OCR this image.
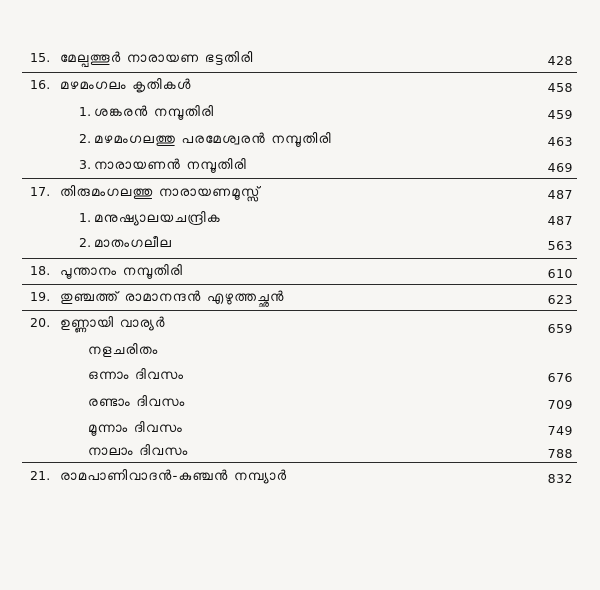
15. മേല്പത്തൂർ നാരായണ ഭട്ടതിരി	428
16. മഴമംഗലം കൃതികൾ	458
1. ശങ്കരൻ നമ്പൂതിരി	459
2. മഴമംഗലത്തു പരമേശ്വരൻ നമ്പൂതിരി	463
3. നാരായണൻ നമ്പൂതിരി	469
17. തിരുമംഗലത്തു നാരായണമൂസ്സ്	487
1. മനുഷ്യാലയചന്ദ്രിക	487
2. മാതംഗലീല	563
18. പൂന്താനം നമ്പൂതിരി	610
19. തുഞ്ചത്ത് രാമാനന്ദൻ എഴുത്തച്ഛൻ	623
20. ഉണ്ണായി വാര്യർ	659
നളചരിതം
ഒന്നാം ദിവസം	676
രണ്ടാം ദിവസം	709
മൂന്നാം ദിവസം	749
നാലാം ദിവസം	788
21. രാമപാണിവാദൻ-കുഞ്ചൻ നമ്പ്യാർ	832
